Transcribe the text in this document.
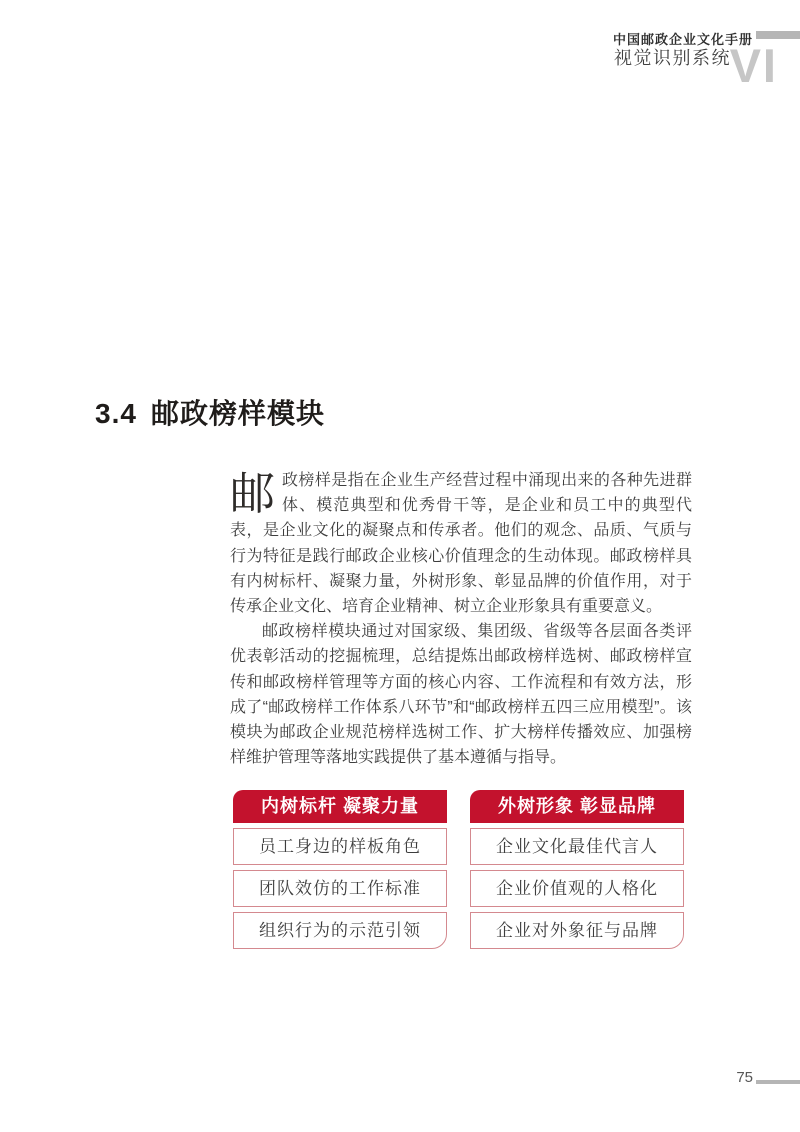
中国邮政企业文化手册
视觉识别系统
VI
3.4 邮政榜样模块

邮政榜样是指在企业生产经营过程中涌现出来的各种先进群体、模范典型和优秀骨干等，是企业和员工中的典型代表，是企业文化的凝聚点和传承者。他们的观念、品质、气质与行为特征是践行邮政企业核心价值理念的生动体现。邮政榜样具有内树标杆、凝聚力量，外树形象、彰显品牌的价值作用，对于传承企业文化、培育企业精神、树立企业形象具有重要意义。

邮政榜样模块通过对国家级、集团级、省级等各层面各类评优表彰活动的挖掘梳理，总结提炼出邮政榜样选树、邮政榜样宣传和邮政榜样管理等方面的核心内容、工作流程和有效方法，形成了“邮政榜样工作体系八环节”和“邮政榜样五四三应用模型”。该模块为邮政企业规范榜样选树工作、扩大榜样传播效应、加强榜样维护管理等落地实践提供了基本遵循与指导。

内树标杆 凝聚力量
员工身边的样板角色
团队效仿的工作标准
组织行为的示范引领
外树形象 彰显品牌
企业文化最佳代言人
企业价值观的人格化
企业对外象征与品牌
75
